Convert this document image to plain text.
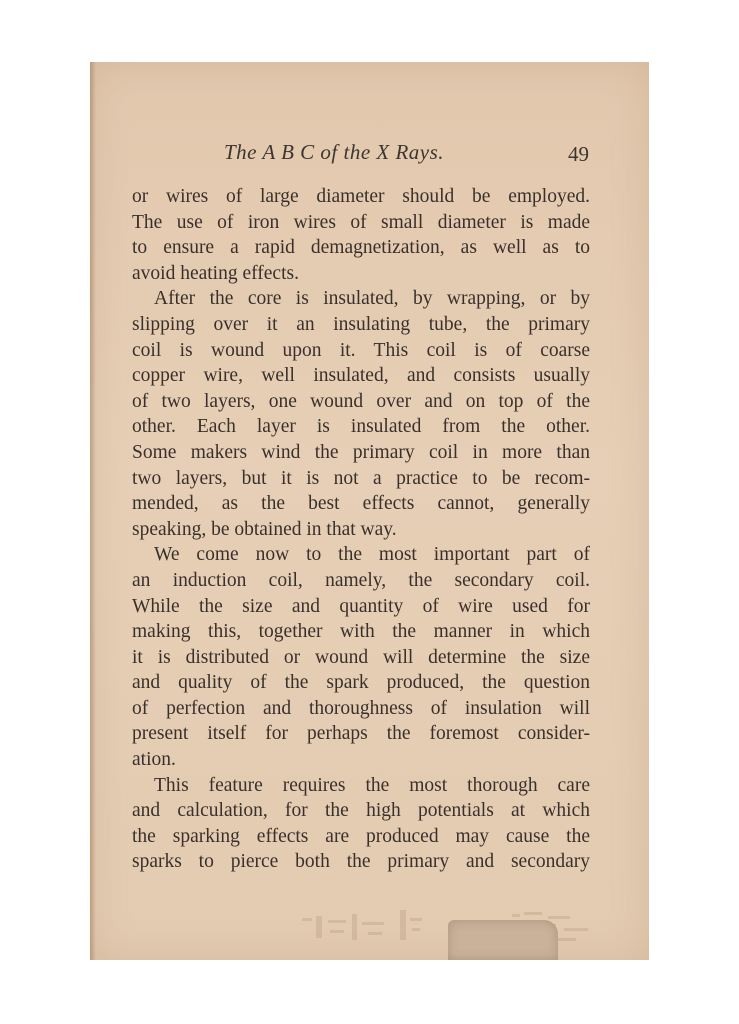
The A B C of the X Rays.	49
or wires of large diameter should be employed.
The use of iron wires of small diameter is made
to ensure a rapid demagnetization, as well as to
avoid heating effects.
After the core is insulated, by wrapping, or by
slipping over it an insulating tube, the primary
coil is wound upon it. This coil is of coarse
copper wire, well insulated, and consists usually
of two layers, one wound over and on top of the
other. Each layer is insulated from the other.
Some makers wind the primary coil in more than
two layers, but it is not a practice to be recom-
mended, as the best effects cannot, generally
speaking, be obtained in that way.
We come now to the most important part of
an induction coil, namely, the secondary coil.
While the size and quantity of wire used for
making this, together with the manner in which
it is distributed or wound will determine the size
and quality of the spark produced, the question
of perfection and thoroughness of insulation will
present itself for perhaps the foremost consider-
ation.
This feature requires the most thorough care
and calculation, for the high potentials at which
the sparking effects are produced may cause the
sparks to pierce both the primary and secondary
